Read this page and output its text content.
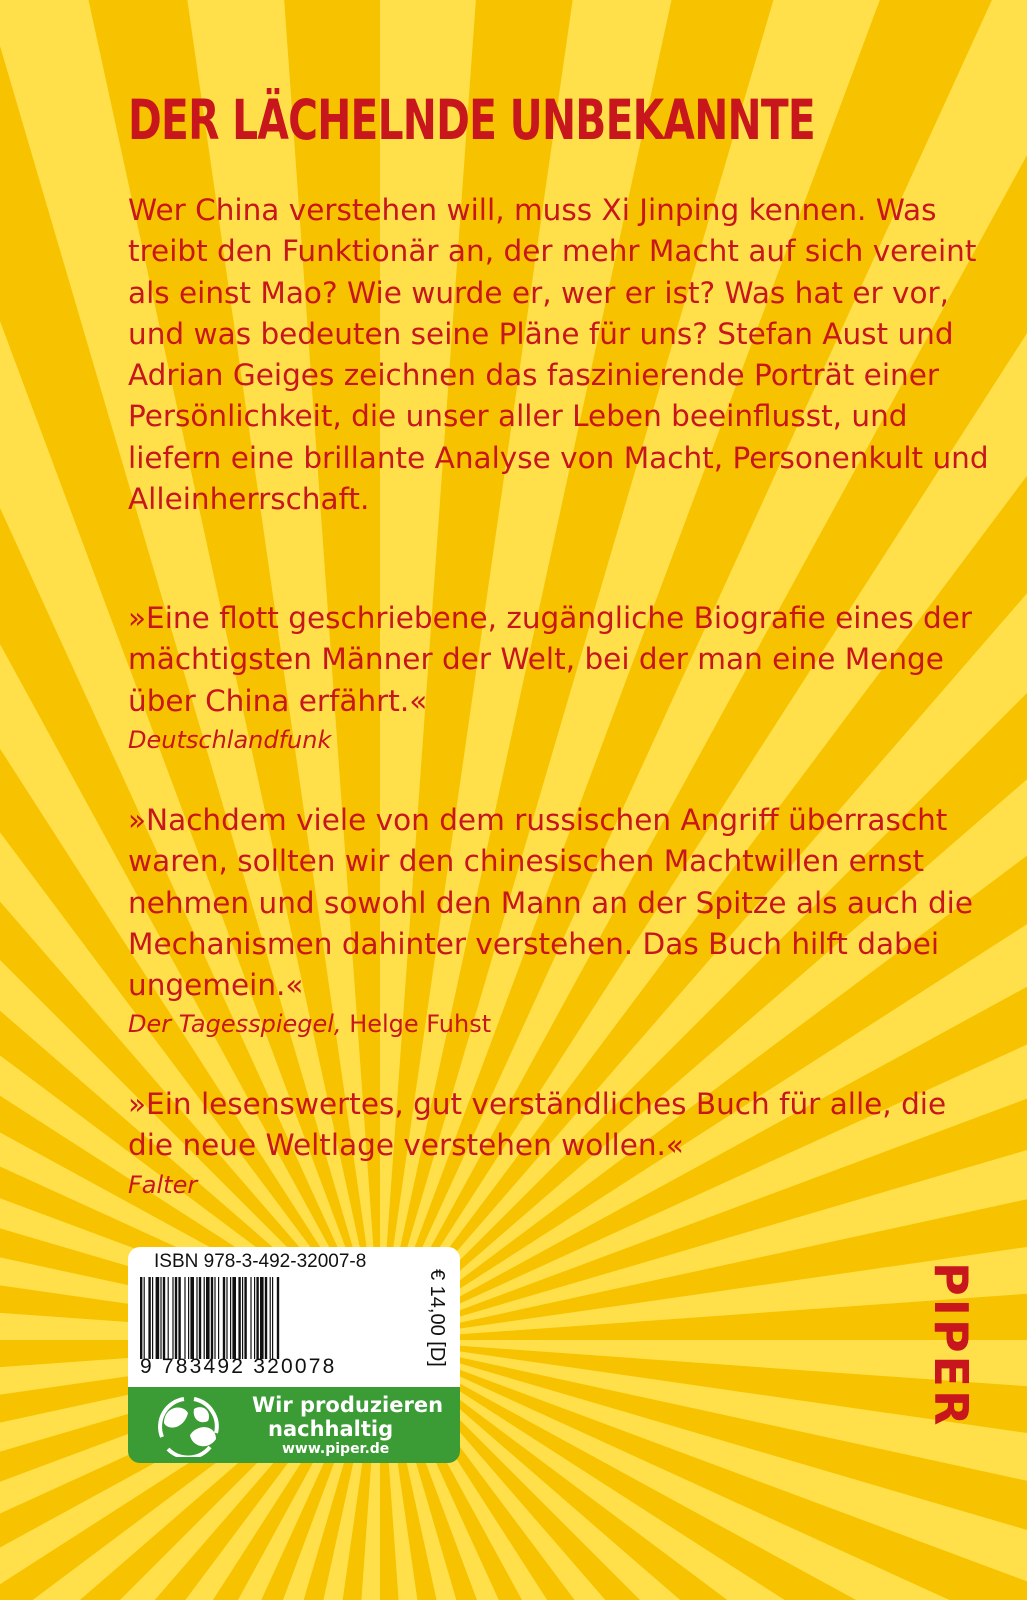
DER LÄCHELNDE UNBEKANNTE

Wer China verstehen will, muss Xi Jinping kennen. Was treibt den Funktionär an, der mehr Macht auf sich vereint als einst Mao? Wie wurde er, wer er ist? Was hat er vor, und was bedeuten seine Pläne für uns? Stefan Aust und Adrian Geiges zeichnen das faszinierende Porträt einer Persönlichkeit, die unser aller Leben beeinflusst, und liefern eine brillante Analyse von Macht, Personenkult und Alleinherrschaft.

»Eine flott geschriebene, zugängliche Biografie eines der mächtigsten Männer der Welt, bei der man eine Menge über China erfährt.«
Deutschlandfunk
»Nachdem viele von dem russischen Angriff überrascht waren, sollten wir den chinesischen Machtwillen ernst nehmen und sowohl den Mann an der Spitze als auch die Mechanismen dahinter verstehen. Das Buch hilft dabei ungemein.«
Der Tagesspiegel, Helge Fuhst
»Ein lesenswertes, gut verständliches Buch für alle, die die neue Weltlage verstehen wollen.«
Falter
ISBN 978-3-492-32007-8
9 783492 320078	€ 14,00 [D]
Wir produzieren
nachhaltig
www.piper.de
PIPER
